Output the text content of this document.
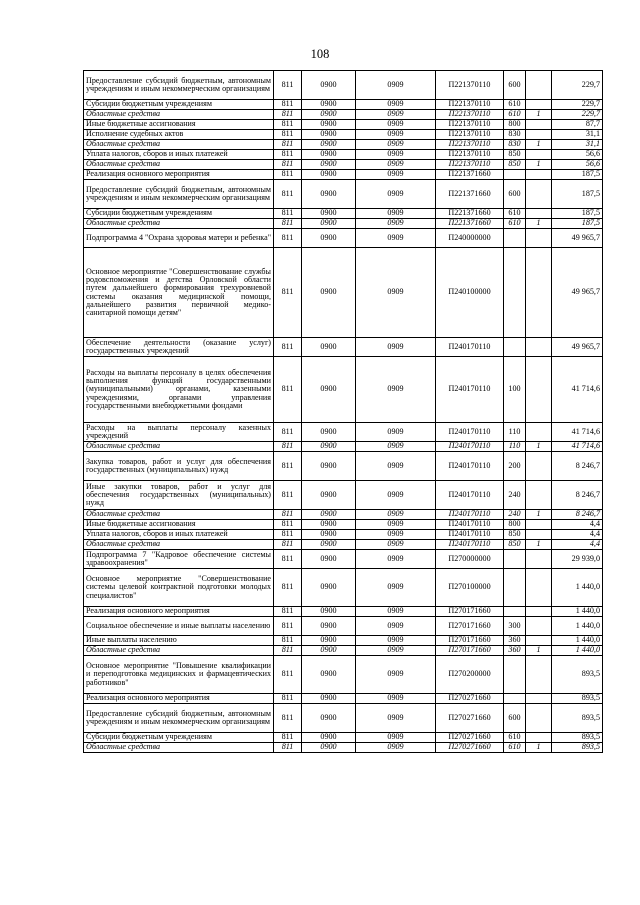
108
Предоставление субсидий бюджетным, автономным учреждениям и иным некоммерческим организациям	811	0900	0909	П221370110	600		229,7
Субсидии бюджетным учреждениям	811	0900	0909	П221370110	610		229,7
Областные средства	811	0900	0909	П221370110	610	1	229,7
Иные бюджетные ассигнования	811	0900	0909	П221370110	800		87,7
Исполнение судебных актов	811	0900	0909	П221370110	830		31,1
Областные средства	811	0900	0909	П221370110	830	1	31,1
Уплата налогов, сборов и иных платежей	811	0900	0909	П221370110	850		56,6
Областные средства	811	0900	0909	П221370110	850	1	56,6
Реализация основного мероприятия	811	0900	0909	П221371660			187,5
Предоставление субсидий бюджетным, автономным учреждениям и иным некоммерческим организациям	811	0900	0909	П221371660	600		187,5
Субсидии бюджетным учреждениям	811	0900	0909	П221371660	610		187,5
Областные средства	811	0900	0909	П221371660	610	1	187,5
Подпрограмма 4 "Охрана здоровья матери и ребенка"	811	0900	0909	П240000000			49 965,7
Основное мероприятие "Совершенствование службы родовспоможения и детства Орловской области путем дальнейшего формирования трехуровневой системы оказания медицинской помощи, дальнейшего развития первичной медико-санитарной помощи детям"	811	0900	0909	П240100000			49 965,7
Обеспечение деятельности (оказание услуг) государственных учреждений	811	0900	0909	П240170110			49 965,7
Расходы на выплаты персоналу в целях обеспечения выполнения функций государственными (муниципальными) органами, казенными учреждениями, органами управления государственными внебюджетными фондами	811	0900	0909	П240170110	100		41 714,6
Расходы на выплаты персоналу казенных учреждений	811	0900	0909	П240170110	110		41 714,6
Областные средства	811	0900	0909	П240170110	110	1	41 714,6
Закупка товаров, работ и услуг для обеспечения государственных (муниципальных) нужд	811	0900	0909	П240170110	200		8 246,7
Иные закупки товаров, работ и услуг для обеспечения государственных (муниципальных) нужд	811	0900	0909	П240170110	240		8 246,7
Областные средства	811	0900	0909	П240170110	240	1	8 246,7
Иные бюджетные ассигнования	811	0900	0909	П240170110	800		4,4
Уплата налогов, сборов и иных платежей	811	0900	0909	П240170110	850		4,4
Областные средства	811	0900	0909	П240170110	850	1	4,4
Подпрограмма 7 "Кадровое обеспечение системы здравоохранения"	811	0900	0909	П270000000			29 939,0
Основное мероприятие "Совершенствование системы целевой контрактной подготовки молодых специалистов"	811	0900	0909	П270100000			1 440,0
Реализация основного мероприятия	811	0900	0909	П270171660			1 440,0
Социальное обеспечение и иные выплаты населению	811	0900	0909	П270171660	300		1 440,0
Иные выплаты населению	811	0900	0909	П270171660	360		1 440,0
Областные средства	811	0900	0909	П270171660	360	1	1 440,0
Основное мероприятие "Повышение квалификации и переподготовка медицинских и фармацевтических работников"	811	0900	0909	П270200000			893,5
Реализация основного мероприятия	811	0900	0909	П270271660			893,5
Предоставление субсидий бюджетным, автономным учреждениям и иным некоммерческим организациям	811	0900	0909	П270271660	600		893,5
Субсидии бюджетным учреждениям	811	0900	0909	П270271660	610		893,5
Областные средства	811	0900	0909	П270271660	610	1	893,5
